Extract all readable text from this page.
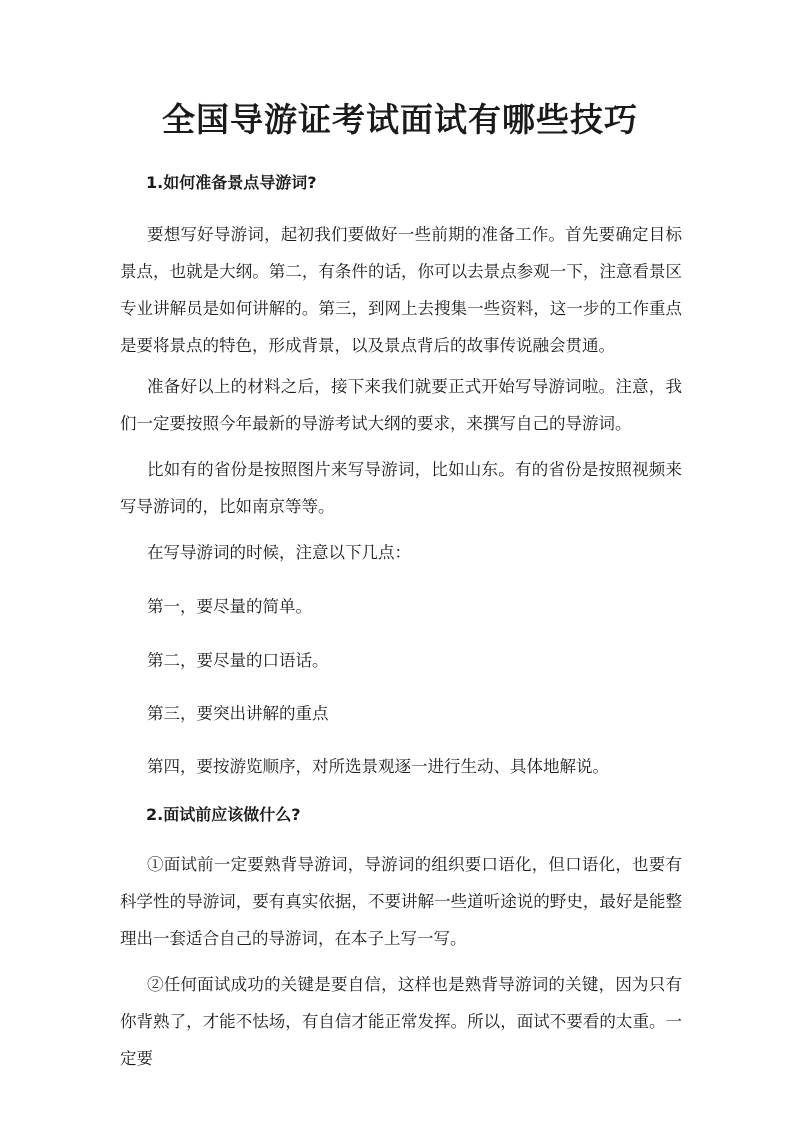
全国导游证考试面试有哪些技巧
1.如何准备景点导游词?

要想写好导游词，起初我们要做好一些前期的准备工作。首先要确定目标景点，也就是大纲。第二，有条件的话，你可以去景点参观一下，注意看景区专业讲解员是如何讲解的。第三，到网上去搜集一些资料，这一步的工作重点是要将景点的特色，形成背景，以及景点背后的故事传说融会贯通。

准备好以上的材料之后，接下来我们就要正式开始写导游词啦。注意，我们一定要按照今年最新的导游考试大纲的要求，来撰写自己的导游词。

比如有的省份是按照图片来写导游词，比如山东。有的省份是按照视频来写导游词的，比如南京等等。

在写导游词的时候，注意以下几点：

第一，要尽量的简单。

第二，要尽量的口语话。

第三，要突出讲解的重点

第四，要按游览顺序，对所选景观逐一进行生动、具体地解说。

2.面试前应该做什么?

①面试前一定要熟背导游词，导游词的组织要口语化，但口语化，也要有科学性的导游词，要有真实依据，不要讲解一些道听途说的野史，最好是能整理出一套适合自己的导游词，在本子上写一写。

②任何面试成功的关键是要自信，这样也是熟背导游词的关键，因为只有你背熟了，才能不怯场，有自信才能正常发挥。所以，面试不要看的太重。一定要
